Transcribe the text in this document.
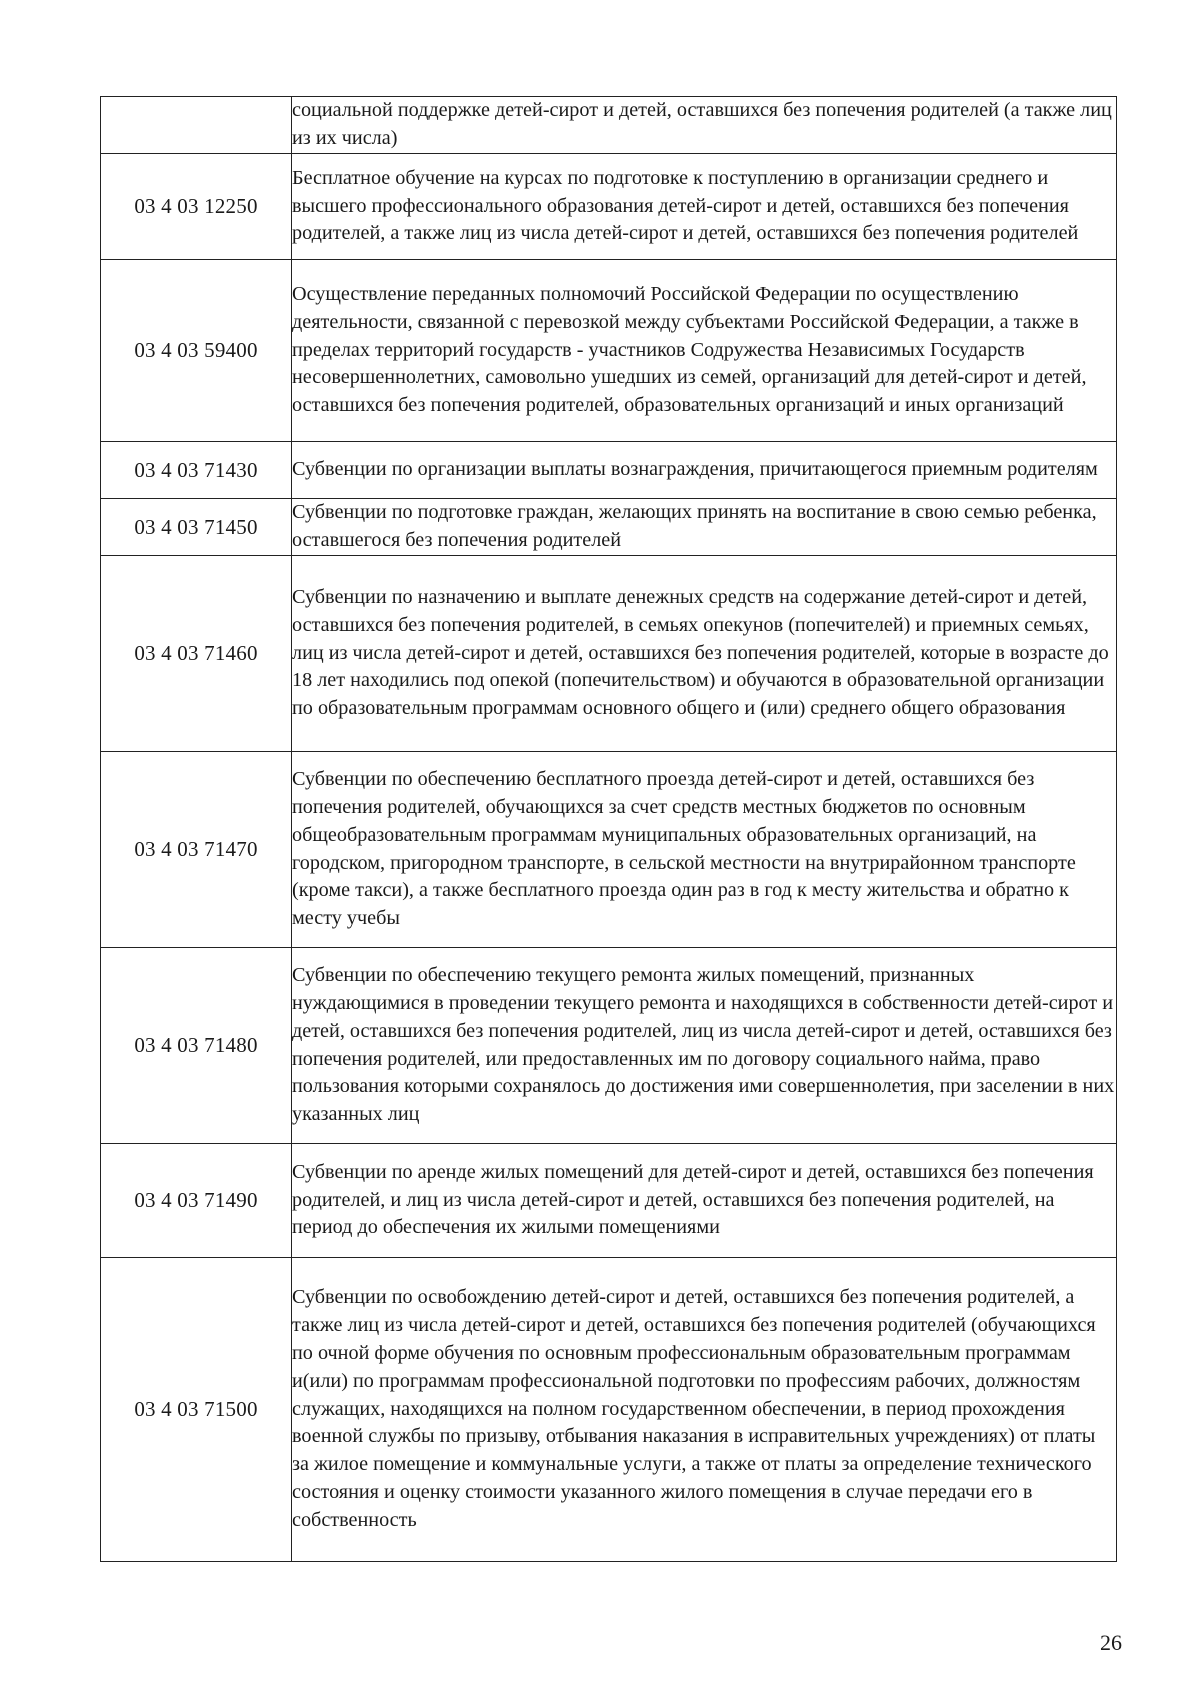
	социальной поддержке детей-сирот и детей, оставшихся без попечения родителей (а также лиц из их числа)
03 4 03 12250	Бесплатное обучение на курсах по подготовке к поступлению в организации среднего и высшего профессионального образования детей-сирот и детей, оставшихся без попечения родителей, а также лиц из числа детей-сирот и детей, оставшихся без попечения родителей
03 4 03 59400	Осуществление переданных полномочий Российской Федерации по осуществлению деятельности, связанной с перевозкой между субъектами Российской Федерации, а также в пределах территорий государств - участников Содружества Независимых Государств несовершеннолетних, самовольно ушедших из семей, организаций для детей-сирот и детей, оставшихся без попечения родителей, образовательных организаций и иных организаций
03 4 03 71430	Субвенции по организации выплаты вознаграждения, причитающегося приемным родителям
03 4 03 71450	Субвенции по подготовке граждан, желающих принять на воспитание в свою семью ребенка, оставшегося без попечения родителей
03 4 03 71460	Субвенции по назначению и выплате денежных средств на содержание детей-сирот и детей, оставшихся без попечения родителей, в семьях опекунов (попечителей) и приемных семьях, лиц из числа детей-сирот и детей, оставшихся без попечения родителей, которые в возрасте до 18 лет находились под опекой (попечительством) и обучаются в образовательной организации по образовательным программам основного общего и (или) среднего общего образования
03 4 03 71470	Субвенции по обеспечению бесплатного проезда детей-сирот и детей, оставшихся без попечения родителей, обучающихся за счет средств местных бюджетов по основным общеобразовательным программам муниципальных образовательных организаций, на городском, пригородном транспорте, в сельской местности на внутрирайонном транспорте (кроме такси), а также бесплатного проезда один раз в год к месту жительства и обратно к месту учебы
03 4 03 71480	Субвенции по обеспечению текущего ремонта жилых помещений, признанных нуждающимися в проведении текущего ремонта и находящихся в собственности детей-сирот и детей, оставшихся без попечения родителей, лиц из числа детей-сирот и детей, оставшихся без попечения родителей, или предоставленных им по договору социального найма, право пользования которыми сохранялось до достижения ими совершеннолетия, при заселении в них указанных лиц
03 4 03 71490	Субвенции по аренде жилых помещений для детей-сирот и детей, оставшихся без попечения родителей, и лиц из числа детей-сирот и детей, оставшихся без попечения родителей, на период до обеспечения их жилыми помещениями
03 4 03 71500	Субвенции по освобождению детей-сирот и детей, оставшихся без попечения родителей, а также лиц из числа детей-сирот и детей, оставшихся без попечения родителей (обучающихся по очной форме обучения по основным профессиональным образовательным программам и(или) по программам профессиональной подготовки по профессиям рабочих, должностям служащих, находящихся на полном государственном обеспечении, в период прохождения военной службы по призыву, отбывания наказания в исправительных учреждениях) от платы за жилое помещение и коммунальные услуги, а также от платы за определение технического состояния и оценку стоимости указанного жилого помещения в случае передачи его в собственность
26
